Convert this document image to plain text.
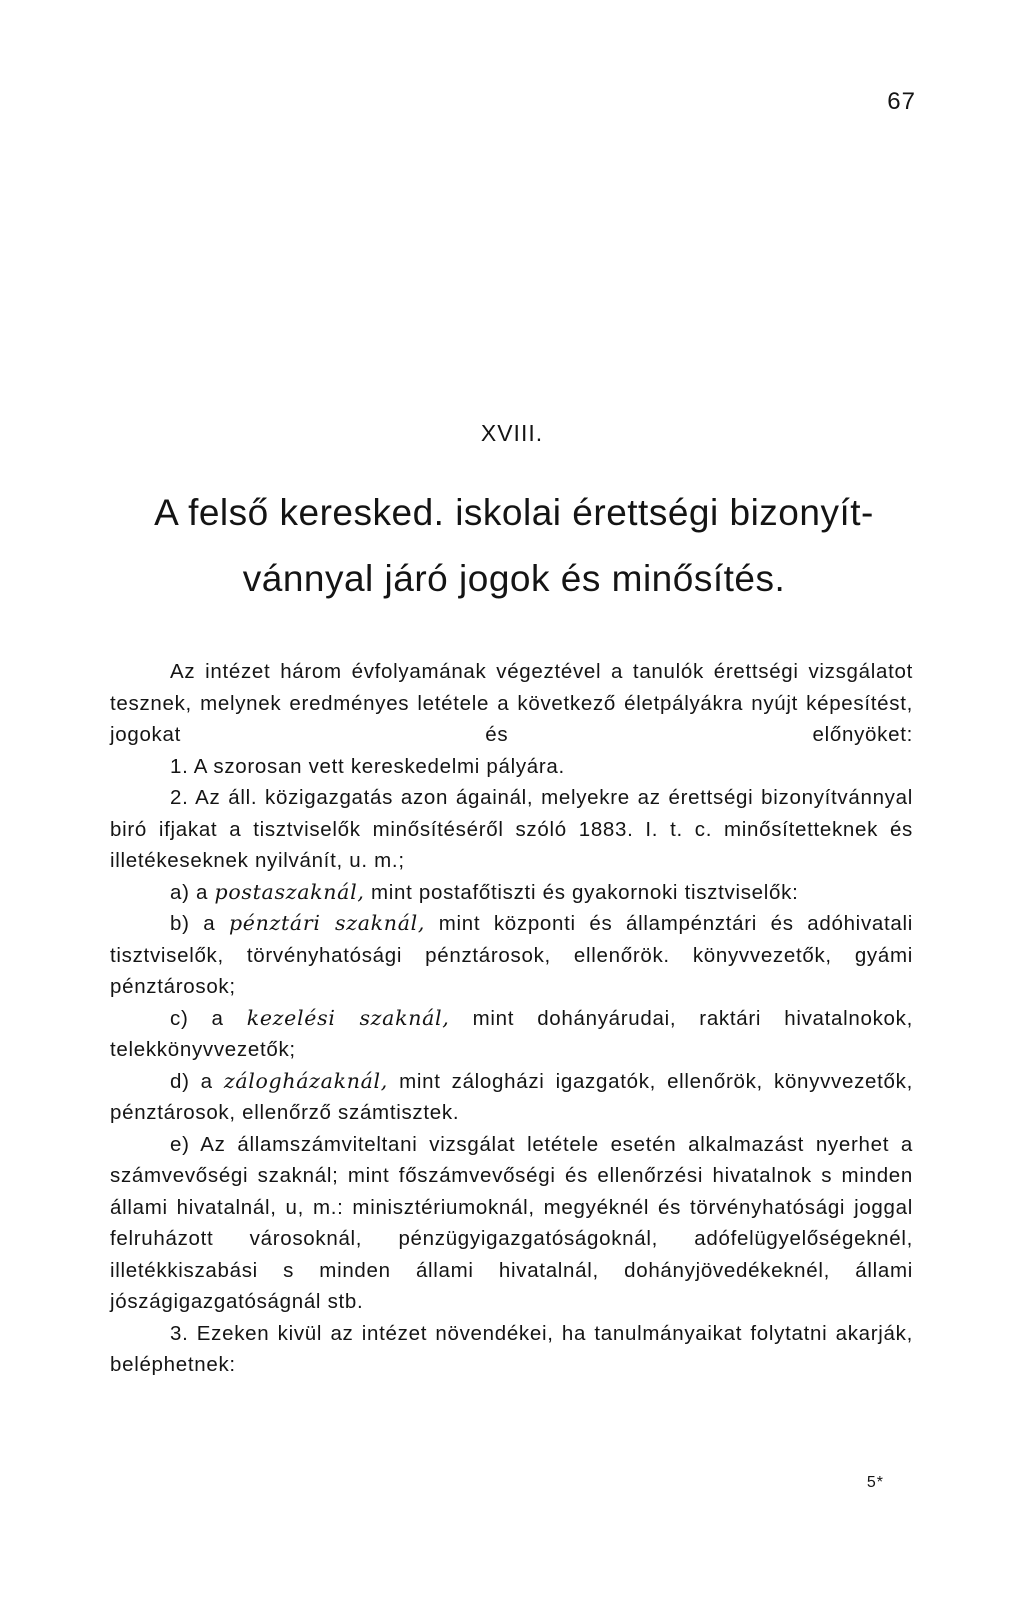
67
XVIII.
A felső keresked. iskolai érettségi bizonyít-
vánnyal járó jogok és minősítés.

Az intézet három évfolyamának végeztével a tanulók érettségi vizsgálatot tesznek, melynek eredményes letétele a következő életpályákra nyújt képesítést, jogokat és előnyöket:

1. A szorosan vett kereskedelmi pályára.

2. Az áll. közigazgatás azon ágainál, melyekre az érettségi bizonyítvánnyal biró ifjakat a tisztviselők minősítéséről szóló 1883. I. t. c. minősítetteknek és illetékeseknek nyilvánít, u. m.;

a) a postaszaknál, mint postafőtiszti és gyakornoki tisztviselők:

b) a pénztári szaknál, mint központi és állampénztári és adóhivatali tisztviselők, törvényhatósági pénztárosok, ellenőrök. könyvvezetők, gyámi pénztárosok;

c) a kezelési szaknál, mint dohányárudai, raktári hivatalnokok, telekkönyvvezetők;

d) a zálogházaknál, mint zálogházi igazgatók, ellenőrök, könyvvezetők, pénztárosok, ellenőrző számtisztek.

e) Az államszámviteltani vizsgálat letétele esetén alkalmazást nyerhet a számvevőségi szaknál; mint főszámvevőségi és ellenőrzési hivatalnok s minden állami hivatalnál, u, m.: minisztériumoknál, megyéknél és törvényhatósági joggal felruházott városoknál, pénzügyigazgatóságoknál, adófelügyelőségeknél, illetékkiszabási s minden állami hivatalnál, dohányjövedékeknél, állami jószágigazgatóságnál stb.

3. Ezeken kivül az intézet növendékei, ha tanulmányaikat folytatni akarják, beléphetnek:

5*
